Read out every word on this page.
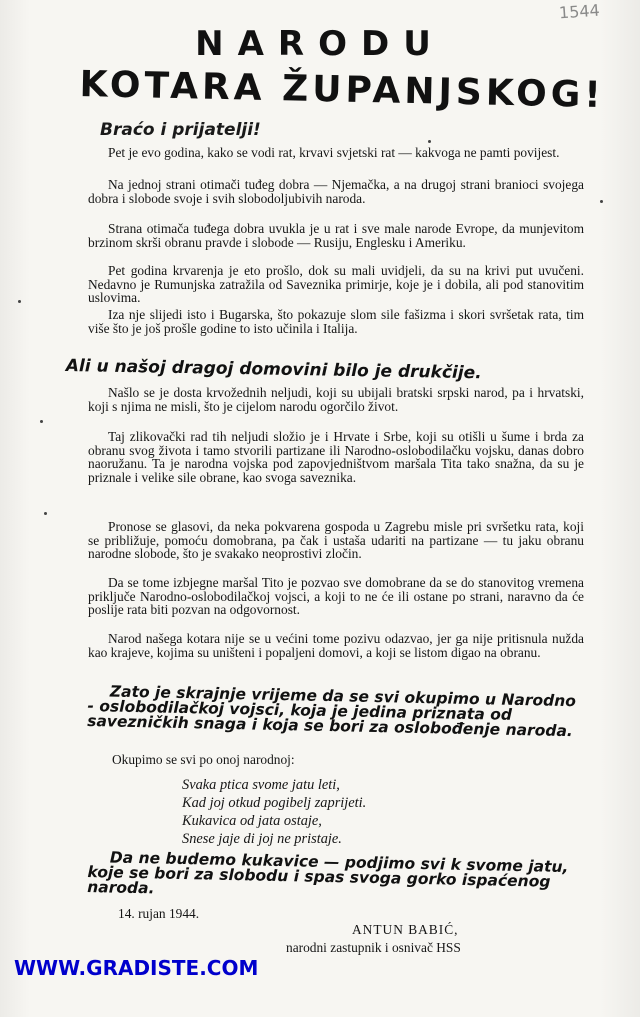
1544
NARODU
KOTARA ŽUPANJSKOG!
Braćo i prijatelji!
Pet je evo godina, kako se vodi rat, krvavi svjetski rat — kakvoga ne pamti povijest.
Na jednoj strani otimači tuđeg dobra — Njemačka, a na drugoj strani branioci svojega dobra i slobode svoje i svih slobodoljubivih naroda.
Strana otimača tuđega dobra uvukla je u rat i sve male narode Evrope, da munjevitom brzinom skrši obranu pravde i slobode — Rusiju, Englesku i Ameriku.
Pet godina krvarenja je eto prošlo, dok su mali uvidjeli, da su na krivi put uvučeni. Nedavno je Rumunjska zatražila od Saveznika primirje, koje je i dobila, ali pod stanovitim uslovima.
Iza nje slijedi isto i Bugarska, što pokazuje slom sile fašizma i skori svršetak rata, tim više što je još prošle godine to isto učinila i Italija.
Ali u našoj dragoj domovini bilo je drukčije.
Našlo se je dosta krvožednih neljudi, koji su ubijali bratski srpski narod, pa i hrvatski, koji s njima ne misli, što je cijelom narodu ogorčilo život.
Taj zlikovački rad tih neljudi složio je i Hrvate i Srbe, koji su otišli u šume i brda za obranu svog života i tamo stvorili partizane ili Narodno-oslobodilačku vojsku, danas dobro naoružanu. Ta je narodna vojska pod zapovjedništvom maršala Tita tako snažna, da su je priznale i velike sile obrane, kao svoga saveznika.
Pronose se glasovi, da neka pokvarena gospoda u Zagrebu misle pri svršetku rata, koji se približuje, pomoću domobrana, pa čak i ustaša udariti na partizane — tu jaku obranu narodne slobode, što je svakako neoprostivi zločin.
Da se tome izbjegne maršal Tito je pozvao sve domobrane da se do stanovitog vremena priključe Narodno-oslobodilačkoj vojsci, a koji to ne će ili ostane po strani, naravno da će poslije rata biti pozvan na odgovornost.
Narod našega kotara nije se u većini tome pozivu odazvao, jer ga nije pritisnula nužda kao krajeve, kojima su uništeni i popaljeni domovi, a koji se listom digao na obranu.
Zato je skrajnje vrijeme da se svi okupimo u Narodno - oslobodilačkoj vojsci, koja je jedina priznata od savezničkih snaga i koja se bori za oslobođenje naroda.
Okupimo se svi po onoj narodnoj:
Svaka ptica svome jatu leti,
Kad joj otkud pogibelj zaprijeti.
Kukavica od jata ostaje,
Snese jaje di joj ne pristaje.
Da ne budemo kukavice — podjimo svi k svome jatu, koje se bori za slobodu i spas svoga gorko ispaćenog naroda.
14. rujan 1944.
ANTUN BABIĆ,
narodni zastupnik i osnivač HSS
WWW.GRADISTE.COM
